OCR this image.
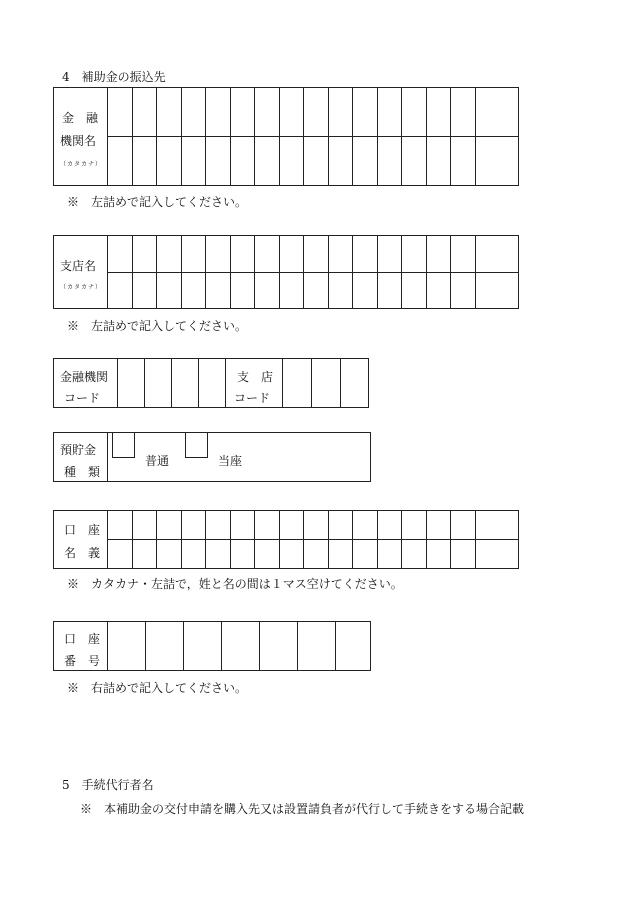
4　補助金の振込先
金　融
機関名
（カタカナ）
※　左詰めで記入してください。
支店名
（カタカナ）
※　左詰めで記入してください。
金融機関
コード
支　店
コード
預貯金
種　類
普通	当座
口　座
名　義
※　カタカナ・左詰で，姓と名の間は１マス空けてください。
口　座
番　号
※　右詰めで記入してください。
5　手続代行者名
※　本補助金の交付申請を購入先又は設置請負者が代行して手続きをする場合記載
